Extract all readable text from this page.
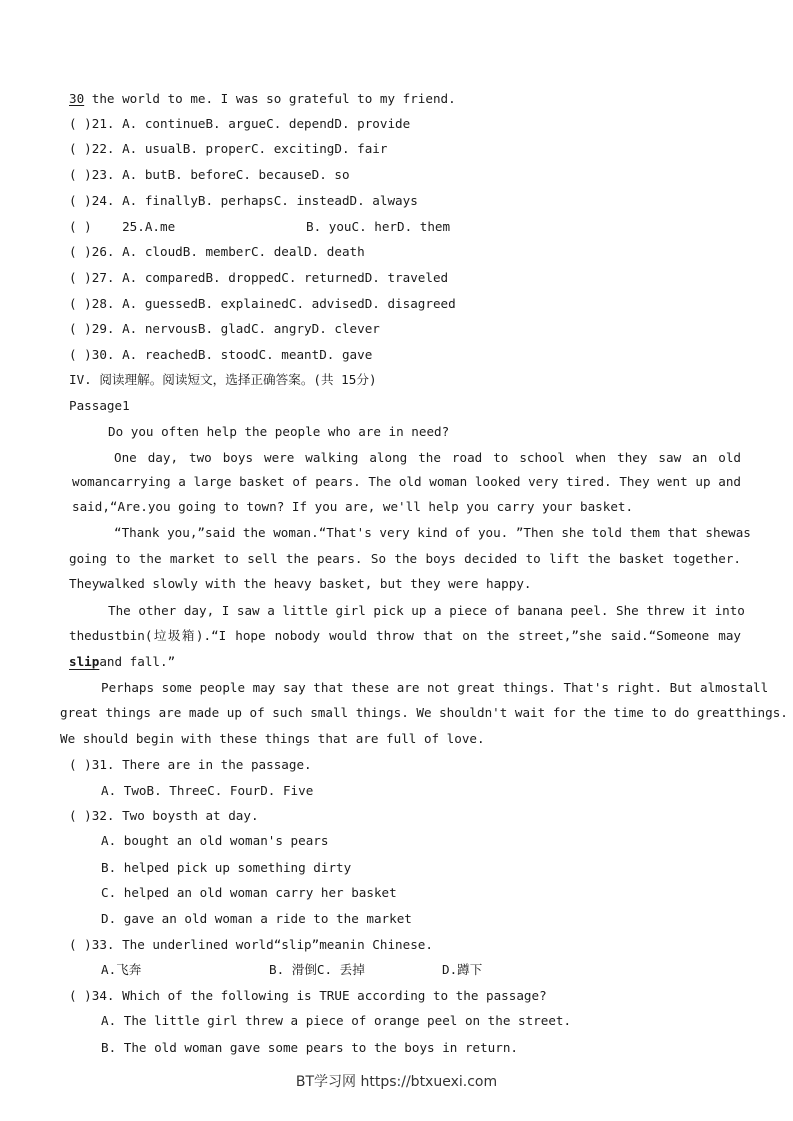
30 the world to me. I was so grateful to my friend.
( )21. A. continueB. argueC. dependD. provide
( )22. A. usualB. properC. excitingD. fair
( )23. A. butB. beforeC. becauseD. so
( )24. A. finallyB. perhapsC. insteadD. always
( )    25.A.me	B. youC. herD. them
( )26. A. cloudB. memberC. dealD. death
( )27. A. comparedB. droppedC. returnedD. traveled
( )28. A. guessedB. explainedC. advisedD. disagreed
( )29. A. nervousB. gladC. angryD. clever
( )30. A. reachedB. stoodC. meantD. gave
IV. 阅读理解。阅读短文，选择正确答案。(共 15分)
Passage1
Do you often help the people who are in need?
One day, two boys were walking along the road to school when they saw an old
womancarrying a large basket of pears. The old woman looked very tired. They went up and
said,“Are.you going to town? If you are, we'll help you carry your basket.
“Thank you,”said the woman.“That's very kind of you. ”Then she told them that shewas
going to the market to sell the pears. So the boys decided to lift the basket together.
Theywalked slowly with the heavy basket, but they were happy.
The other day, I saw a little girl pick up a piece of banana peel. She threw it into
thedustbin(垃圾箱).“I hope nobody would throw that on the street,”she said.“Someone may
slipand fall.”
Perhaps some people may say that these are not great things. That's right. But almostall
great things are made up of such small things. We shouldn't wait for the time to do greatthings.
We should begin with these things that are full of love.
( )31. There are in the passage.
A. TwoB. ThreeC. FourD. Five
( )32. Two boysth at day.
A. bought an old woman's pears
B. helped pick up something dirty
C. helped an old woman carry her basket
D. gave an old woman a ride to the market
( )33. The underlined world“slip”meanin Chinese.
A.飞奔	B. 滑倒C. 丢掉	D.蹲下
( )34. Which of the following is TRUE according to the passage?
A. The little girl threw a piece of orange peel on the street.
B. The old woman gave some pears to the boys in return.
BT学习网 https://btxuexi.com
